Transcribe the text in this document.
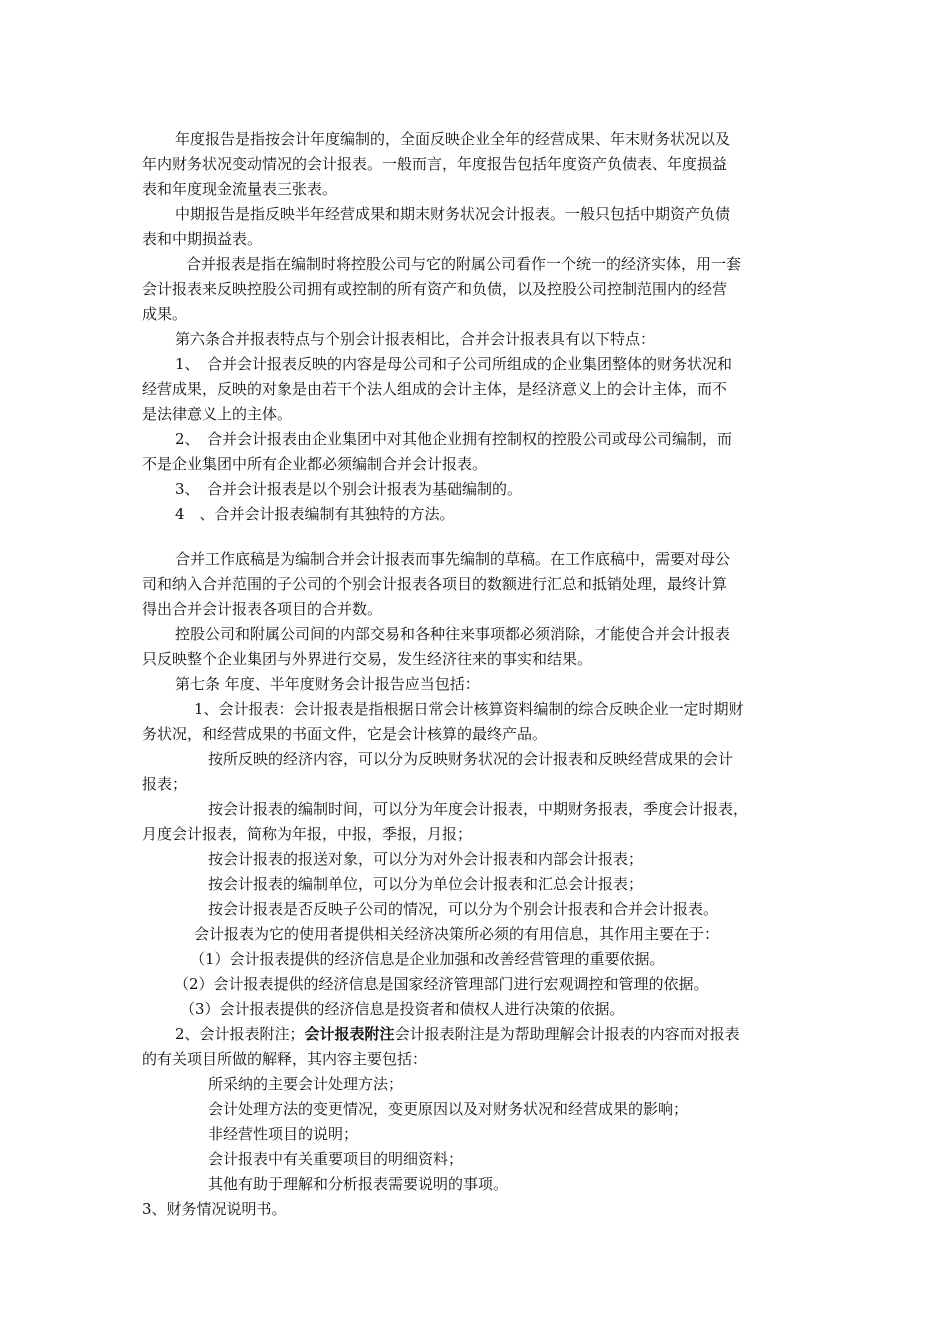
年度报告是指按会计年度编制的，全面反映企业全年的经营成果、年末财务状况以及
年内财务状况变动情况的会计报表。一般而言，年度报告包括年度资产负债表、年度损益
表和年度现金流量表三张表。
中期报告是指反映半年经营成果和期末财务状况会计报表。一般只包括中期资产负债
表和中期损益表。
合并报表是指在编制时将控股公司与它的附属公司看作一个统一的经济实体，用一套
会计报表来反映控股公司拥有或控制的所有资产和负债，以及控股公司控制范围内的经营
成果。
第六条合并报表特点与个别会计报表相比，合并会计报表具有以下特点：
1、　合并会计报表反映的内容是母公司和子公司所组成的企业集团整体的财务状况和
经营成果，反映的对象是由若干个法人组成的会计主体，是经济意义上的会计主体，而不
是法律意义上的主体。
2、　合并会计报表由企业集团中对其他企业拥有控制权的控股公司或母公司编制，而
不是企业集团中所有企业都必须编制合并会计报表。
3、　合并会计报表是以个别会计报表为基础编制的。
4　、合并会计报表编制有其独特的方法。
合并工作底稿是为编制合并会计报表而事先编制的草稿。在工作底稿中，需要对母公
司和纳入合并范围的子公司的个别会计报表各项目的数额进行汇总和抵销处理，最终计算
得出合并会计报表各项目的合并数。
控股公司和附属公司间的内部交易和各种往来事项都必须消除，才能使合并会计报表
只反映整个企业集团与外界进行交易，发生经济往来的事实和结果。
第七条 年度、半年度财务会计报告应当包括：
1、会计报表：会计报表是指根据日常会计核算资料编制的综合反映企业一定时期财
务状况，和经营成果的书面文件，它是会计核算的最终产品。
按所反映的经济内容，可以分为反映财务状况的会计报表和反映经营成果的会计
报表；
按会计报表的编制时间，可以分为年度会计报表，中期财务报表，季度会计报表，
月度会计报表，简称为年报，中报，季报，月报；
按会计报表的报送对象，可以分为对外会计报表和内部会计报表；
按会计报表的编制单位，可以分为单位会计报表和汇总会计报表；
按会计报表是否反映子公司的情况，可以分为个别会计报表和合并会计报表。
会计报表为它的使用者提供相关经济决策所必须的有用信息，其作用主要在于：
（1）会计报表提供的经济信息是企业加强和改善经营管理的重要依据。
（2）会计报表提供的经济信息是国家经济管理部门进行宏观调控和管理的依据。
（3）会计报表提供的经济信息是投资者和债权人进行决策的依据。
2、会计报表附注；会计报表附注会计报表附注是为帮助理解会计报表的内容而对报表
的有关项目所做的解释，其内容主要包括：
所采纳的主要会计处理方法；
会计处理方法的变更情况，变更原因以及对财务状况和经营成果的影响；
非经营性项目的说明；
会计报表中有关重要项目的明细资料；
其他有助于理解和分析报表需要说明的事项。
3、财务情况说明书。
